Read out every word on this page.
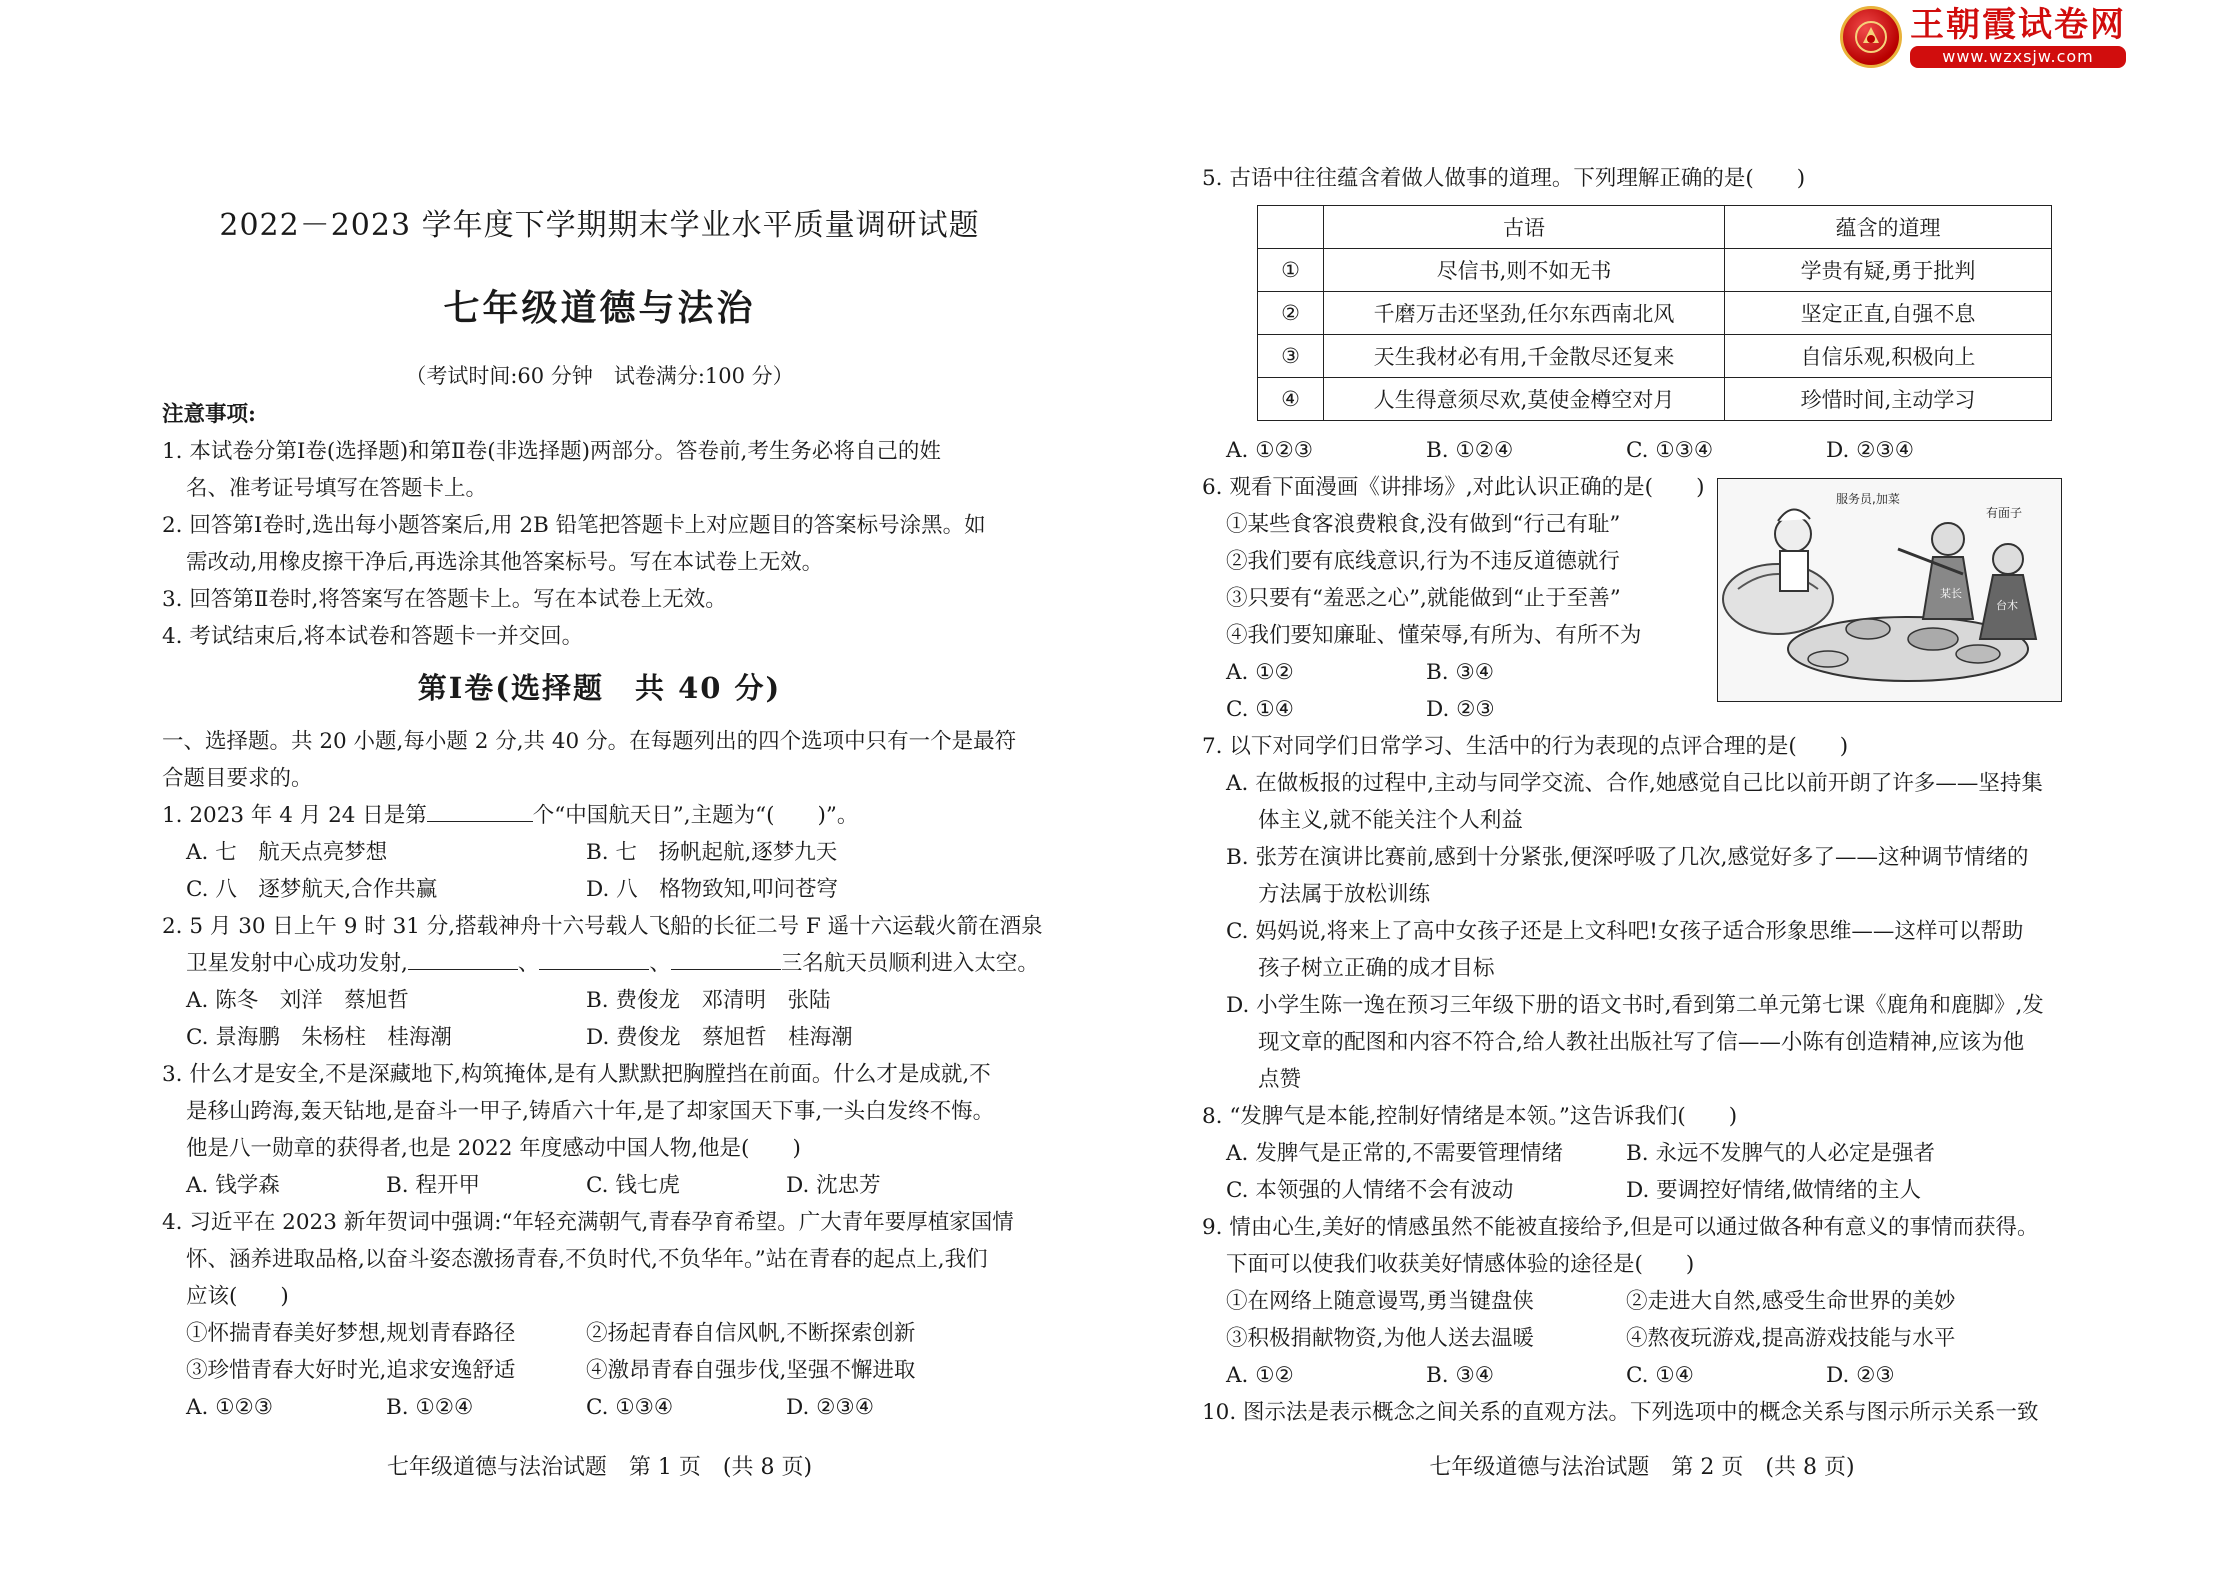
王朝霞试卷网
www.wzxsjw.com
2022－2023 学年度下学期期末学业水平质量调研试题
七年级道德与法治
（考试时间:60 分钟　试卷满分:100 分）
注意事项:
1. 本试卷分第Ⅰ卷(选择题)和第Ⅱ卷(非选择题)两部分。答卷前,考生务必将自己的姓
名、准考证号填写在答题卡上。
2. 回答第Ⅰ卷时,选出每小题答案后,用 2B 铅笔把答题卡上对应题目的答案标号涂黑。如
需改动,用橡皮擦干净后,再选涂其他答案标号。写在本试卷上无效。
3. 回答第Ⅱ卷时,将答案写在答题卡上。写在本试卷上无效。
4. 考试结束后,将本试卷和答题卡一并交回。
第Ⅰ卷(选择题　共 40 分)
一、选择题。共 20 小题,每小题 2 分,共 40 分。在每题列出的四个选项中只有一个是最符
合题目要求的。
1. 2023 年 4 月 24 日是第	个“中国航天日”,主题为“(　　)”。
A. 七　航天点亮梦想	B. 七　扬帆起航,逐梦九天
C. 八　逐梦航天,合作共赢	D. 八　格物致知,叩问苍穹
2. 5 月 30 日上午 9 时 31 分,搭载神舟十六号载人飞船的长征二号 F 遥十六运载火箭在酒泉
卫星发射中心成功发射,	、	、	三名航天员顺利进入太空。
A. 陈冬　刘洋　蔡旭哲	B. 费俊龙　邓清明　张陆
C. 景海鹏　朱杨柱　桂海潮	D. 费俊龙　蔡旭哲　桂海潮
3. 什么才是安全,不是深藏地下,构筑掩体,是有人默默把胸膛挡在前面。什么才是成就,不
是移山跨海,轰天钻地,是奋斗一甲子,铸盾六十年,是了却家国天下事,一头白发终不悔。
他是八一勋章的获得者,也是 2022 年度感动中国人物,他是(　　)
A. 钱学森	B. 程开甲	C. 钱七虎	D. 沈忠芳
4. 习近平在 2023 新年贺词中强调:“年轻充满朝气,青春孕育希望。广大青年要厚植家国情
怀、涵养进取品格,以奋斗姿态激扬青春,不负时代,不负华年。”站在青春的起点上,我们
应该(　　)
①怀揣青春美好梦想,规划青春路径	②扬起青春自信风帆,不断探索创新
③珍惜青春大好时光,追求安逸舒适	④激昂青春自强步伐,坚强不懈进取
A. ①②③	B. ①②④	C. ①③④	D. ②③④
七年级道德与法治试题　第 1 页　(共 8 页)
5. 古语中往往蕴含着做人做事的道理。下列理解正确的是(　　)
	古语	蕴含的道理
①	尽信书,则不如无书	学贵有疑,勇于批判
②	千磨万击还坚劲,任尔东西南北风	坚定正直,自强不息
③	天生我材必有用,千金散尽还复来	自信乐观,积极向上
④	人生得意须尽欢,莫使金樽空对月	珍惜时间,主动学习
A. ①②③	B. ①②④	C. ①③④	D. ②③④
6. 观看下面漫画《讲排场》,对此认识正确的是(　　)
①某些食客浪费粮食,没有做到“行己有耻”
②我们要有底线意识,行为不违反道德就行
③只要有“羞恶之心”,就能做到“止于至善”
④我们要知廉耻、懂荣辱,有所为、有所不为
A. ①②	B. ③④
C. ①④	D. ②③
7. 以下对同学们日常学习、生活中的行为表现的点评合理的是(　　)
A. 在做板报的过程中,主动与同学交流、合作,她感觉自己比以前开朗了许多——坚持集
体主义,就不能关注个人利益
B. 张芳在演讲比赛前,感到十分紧张,便深呼吸了几次,感觉好多了——这种调节情绪的
方法属于放松训练
C. 妈妈说,将来上了高中女孩子还是上文科吧!女孩子适合形象思维——这样可以帮助
孩子树立正确的成才目标
D. 小学生陈一逸在预习三年级下册的语文书时,看到第二单元第七课《鹿角和鹿脚》,发
现文章的配图和内容不符合,给人教社出版社写了信——小陈有创造精神,应该为他
点赞
8. “发脾气是本能,控制好情绪是本领。”这告诉我们(　　)
A. 发脾气是正常的,不需要管理情绪	B. 永远不发脾气的人必定是强者
C. 本领强的人情绪不会有波动	D. 要调控好情绪,做情绪的主人
9. 情由心生,美好的情感虽然不能被直接给予,但是可以通过做各种有意义的事情而获得。
下面可以使我们收获美好情感体验的途径是(　　)
①在网络上随意谩骂,勇当键盘侠	②走进大自然,感受生命世界的美妙
③积极捐献物资,为他人送去温暖	④熬夜玩游戏,提高游戏技能与水平
A. ①②	B. ③④	C. ①④	D. ②③
10. 图示法是表示概念之间关系的直观方法。下列选项中的概念关系与图示所示关系一致
服务员,加菜
有面子
某长
台木
七年级道德与法治试题　第 2 页　(共 8 页)
